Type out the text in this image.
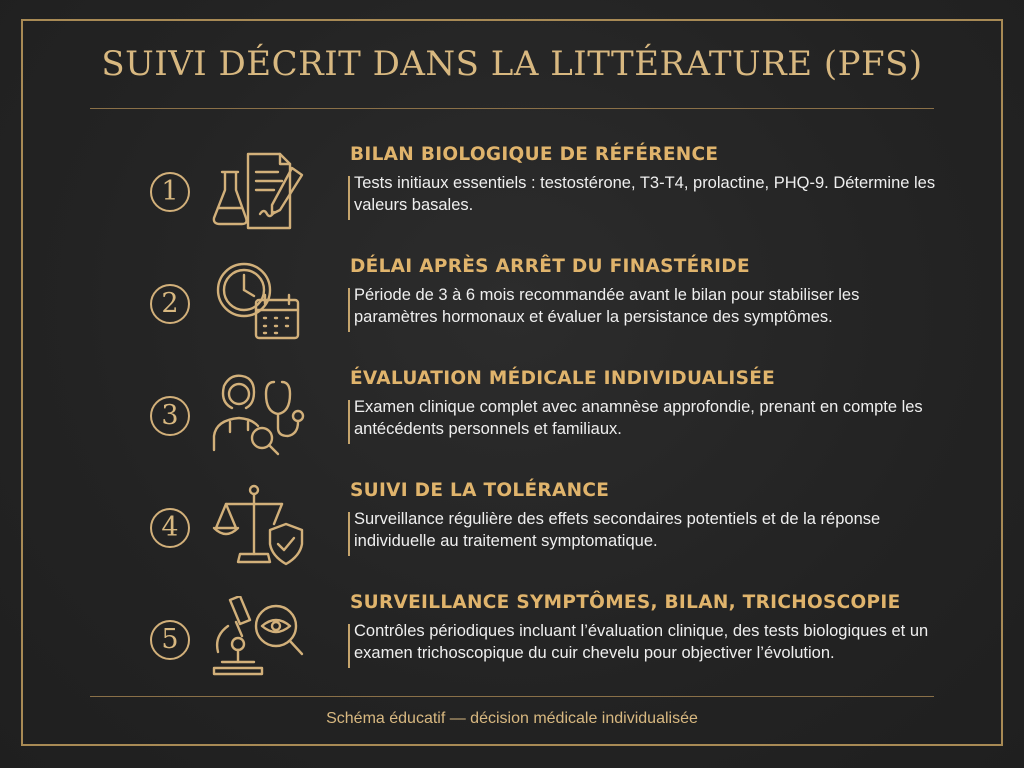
SUIVI DÉCRIT DANS LA LITTÉRATURE (PFS)
1
BILAN BIOLOGIQUE DE RÉFÉRENCE
Tests initiaux essentiels : testostérone, T3-T4, prolactine, PHQ-9. Détermine les valeurs basales.
2
DÉLAI APRÈS ARRÊT DU FINASTÉRIDE
Période de 3 à 6 mois recommandée avant le bilan pour stabiliser les paramètres hormonaux et évaluer la persistance des symptômes.
3
ÉVALUATION MÉDICALE INDIVIDUALISÉE
Examen clinique complet avec anamnèse approfondie, prenant en compte les antécédents personnels et familiaux.
4
SUIVI DE LA TOLÉRANCE
Surveillance régulière des effets secondaires potentiels et de la réponse individuelle au traitement symptomatique.
5
SURVEILLANCE SYMPTÔMES, BILAN, TRICHOSCOPIE
Contrôles périodiques incluant l’évaluation clinique, des tests biologiques et un examen trichoscopique du cuir chevelu pour objectiver l’évolution.
Schéma éducatif — décision médicale individualisée
